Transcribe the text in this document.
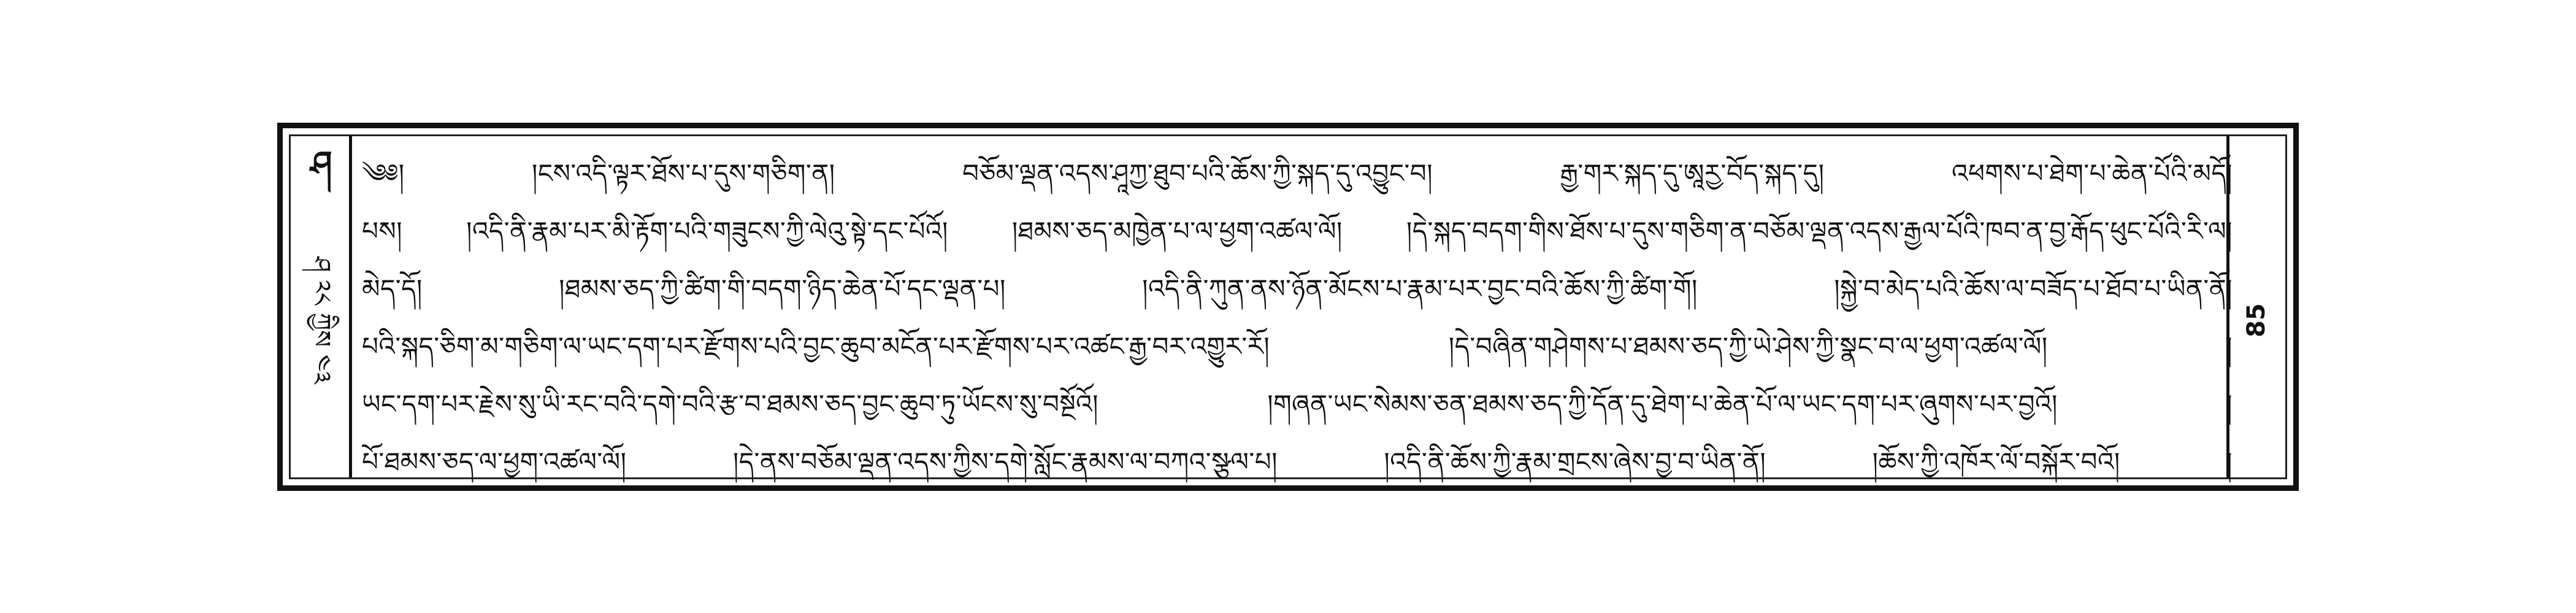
ཤ
ཤ ༢༨ ཀྱིས ༤༣
༄༅། །ངས་འདི་ལྟར་ཐོས་པ་དུས་གཅིག་ན། བཅོམ་ལྡན་འདས་ཤཱཀྱ་ཐུབ་པའི་ཆོས་ཀྱི་སྐད་དུ་འབྱུང་བ། རྒྱ་གར་སྐད་དུ་ཨཱརྱ་བོད་སྐད་དུ། འཕགས་པ་ཐེག་པ་ཆེན་པོའི་མདོ།
པས། །འདི་ནི་རྣམ་པར་མི་རྟོག་པའི་གཟུངས་ཀྱི་ལེའུ་སྟེ་དང་པོའོ། །ཐམས་ཅད་མཁྱེན་པ་ལ་ཕྱག་འཚལ་ལོ། །དེ་སྐད་བདག་གིས་ཐོས་པ་དུས་གཅིག་ན་བཅོམ་ལྡན་འདས་རྒྱལ་པོའི་ཁབ་ན་བྱ་རྒོད་ཕུང་པོའི་རི་ལ།
མེད་དོ། །ཐམས་ཅད་ཀྱི་ཚིག་གི་བདག་ཉིད་ཆེན་པོ་དང་ལྡན་པ། །འདི་ནི་ཀུན་ནས་ཉོན་མོངས་པ་རྣམ་པར་བྱང་བའི་ཆོས་ཀྱི་ཚིག་གོ། །སྐྱེ་བ་མེད་པའི་ཆོས་ལ་བཟོད་པ་ཐོབ་པ་ཡིན་ནོ།
པའི་སྐད་ཅིག་མ་གཅིག་ལ་ཡང་དག་པར་རྫོགས་པའི་བྱང་ཆུབ་མངོན་པར་རྫོགས་པར་འཚང་རྒྱ་བར་འགྱུར་རོ། །དེ་བཞིན་གཤེགས་པ་ཐམས་ཅད་ཀྱི་ཡེ་ཤེས་ཀྱི་སྣང་བ་ལ་ཕྱག་འཚལ་ལོ། །
ཡང་དག་པར་རྗེས་སུ་ཡི་རང་བའི་དགེ་བའི་རྩ་བ་ཐམས་ཅད་བྱང་ཆུབ་ཏུ་ཡོངས་སུ་བསྔོའོ། །གཞན་ཡང་སེམས་ཅན་ཐམས་ཅད་ཀྱི་དོན་དུ་ཐེག་པ་ཆེན་པོ་ལ་ཡང་དག་པར་ཞུགས་པར་བྱའོ། །
པོ་ཐམས་ཅད་ལ་ཕྱག་འཚལ་ལོ། །དེ་ནས་བཅོམ་ལྡན་འདས་ཀྱིས་དགེ་སློང་རྣམས་ལ་བཀའ་སྩལ་པ། །འདི་ནི་ཆོས་ཀྱི་རྣམ་གྲངས་ཞེས་བྱ་བ་ཡིན་ནོ། །ཆོས་ཀྱི་འཁོར་ལོ་བསྐོར་བའོ། །
85
